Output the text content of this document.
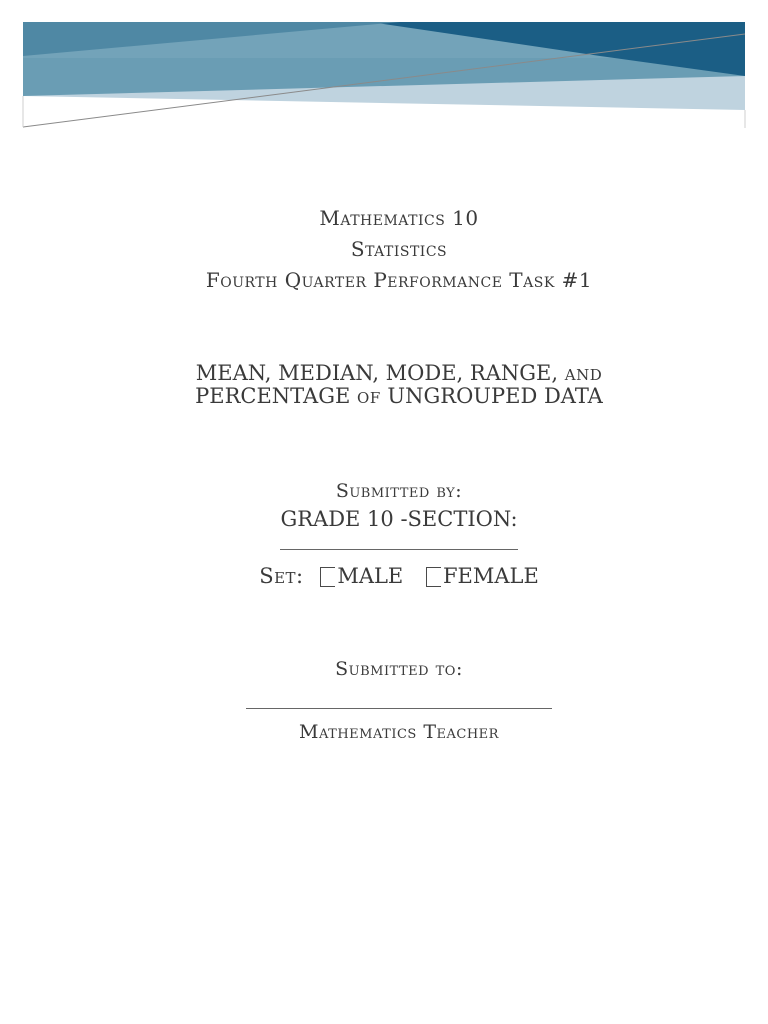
Mathematics 10
Statistics
Fourth Quarter Performance Task #1
MEAN, MEDIAN, MODE, RANGE, and
PERCENTAGE of UNGROUPED DATA
Submitted by:
GRADE 10 -SECTION:
Set: MALE FEMALE
Submitted to:
Mathematics Teacher
